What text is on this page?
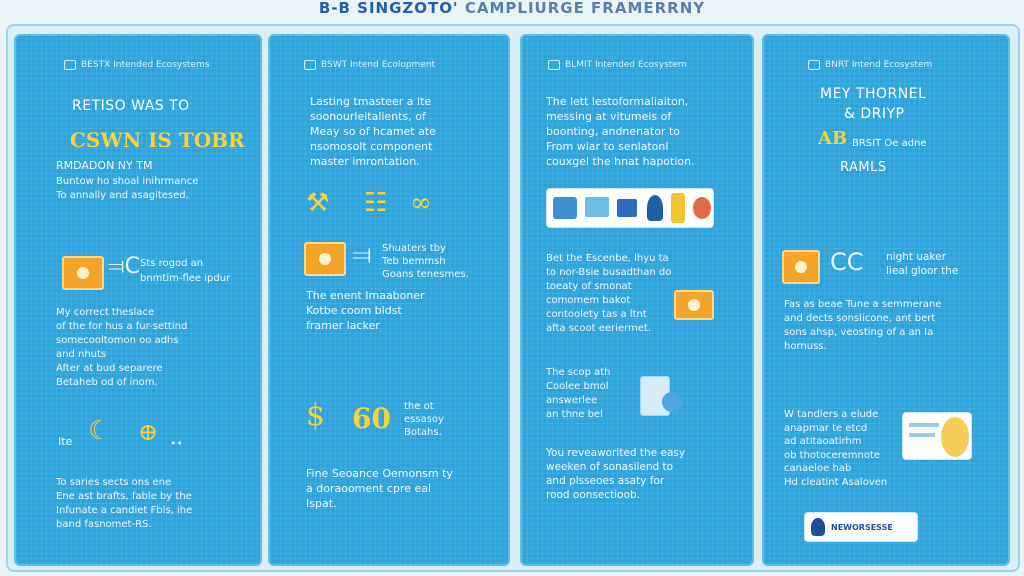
B-B SINGZOTO' CAMPLIURGE FRAMERRNY
BESTX Intended Ecosystems
RETISO WAS TO
CSWN IS TOBR
RMDADON NY TM
Buntow ho shoal inihrmance
To annally and asagitesed.
⫤C Sts rogod an
bnmtim-flee ipdur
My correct theslace
of the for hus a fur-settind
somecooltomon oo adhs
and nhuts
After at bud separere
Betaheb od of inom.
Ite ☾ ⊕ ••
To saries sects ons ene
Ene ast brafts, fable by the
Infunate a candiet Fbls, ihe
band fasnomet-RS.
BSWT Intend Ecolopment
Lasting tmasteer a lte
soonourleitalients, of
Meay so of hcamet ate
nsomosolt component
master imrontation.
⚒ ☷ ∞
⫤ Shuaters tby
Teb bemmsh
Goans tenesmes.
The enent Imaaboner
Kotbe coom bldst
framer lacker
$ 60 the ot
essasoy
Botahs.
Fine Seoance Oemonsm ty
a doraooment cpre eal
Ispat.
BLMIT Intended Ecosystem
The lett lestoformaliaiton,
messing at vitumeis of
boonting, andnenator to
From wiar to senlatonl
couxgel the hnat hapotion.
Bet the Escenbe, lhyu ta
to nor-Bsie busadthan do
toeaty of smonat
comomem bakot
contoolety tas a ltnt
afta scoot eeriermet.
The scop ath
Coolee bmol
answerlee
an thne bel
You reveaworited the easy
weeken of sonasilend to
and plsseoes asaty for
rood oonsectioob.
BNRT Intend Ecosystem
MEY THORNEL
& DRIYP
AB BRSIT Oe adne
RAMLS
CC night uaker
lieal gloor the
Fas as beae Tune a semmerane
and dects sonslicone, ant bert
sons ahsp, veosting of a an Ia
hornuss.
W tandlers a elude
anapmar te etcd
ad atitaoatirhm
ob thotoceremnote
canaeloe hab
Hd cleatint Asaloven
NEWORSESSE
